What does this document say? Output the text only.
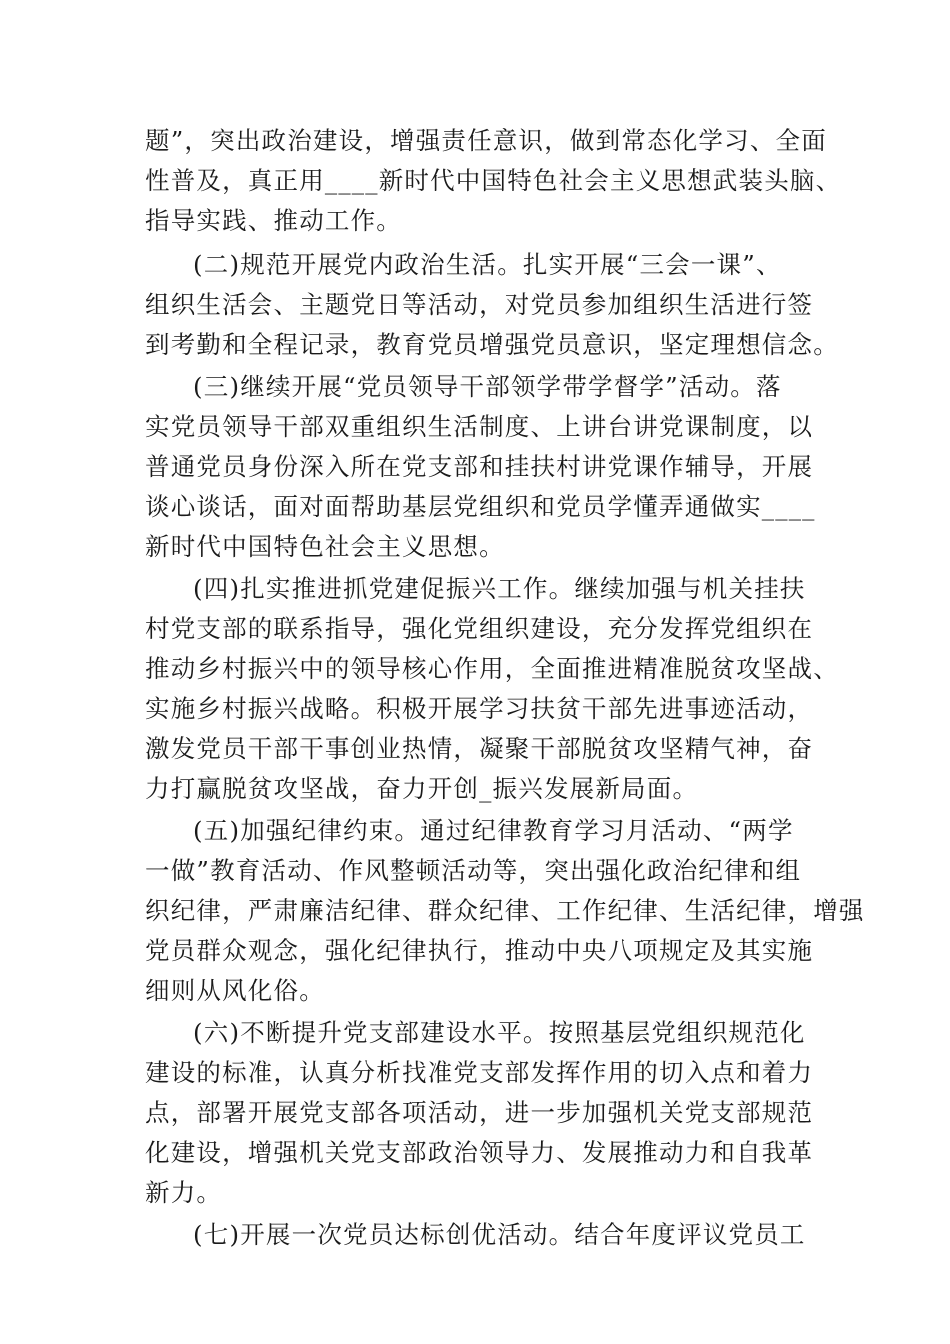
题”，突出政治建设，增强责任意识，做到常态化学习、全面
性普及，真正用____新时代中国特色社会主义思想武装头脑、
指导实践、推动工作。
(二)规范开展党内政治生活。扎实开展“三会一课”、
组织生活会、主题党日等活动，对党员参加组织生活进行签
到考勤和全程记录，教育党员增强党员意识，坚定理想信念。
(三)继续开展“党员领导干部领学带学督学”活动。落
实党员领导干部双重组织生活制度、上讲台讲党课制度，以
普通党员身份深入所在党支部和挂扶村讲党课作辅导，开展
谈心谈话，面对面帮助基层党组织和党员学懂弄通做实____
新时代中国特色社会主义思想。
(四)扎实推进抓党建促振兴工作。继续加强与机关挂扶
村党支部的联系指导，强化党组织建设，充分发挥党组织在
推动乡村振兴中的领导核心作用，全面推进精准脱贫攻坚战、
实施乡村振兴战略。积极开展学习扶贫干部先进事迹活动，
激发党员干部干事创业热情，凝聚干部脱贫攻坚精气神，奋
力打赢脱贫攻坚战，奋力开创_振兴发展新局面。
(五)加强纪律约束。通过纪律教育学习月活动、“两学
一做”教育活动、作风整顿活动等，突出强化政治纪律和组
织纪律，严肃廉洁纪律、群众纪律、工作纪律、生活纪律，增强
党员群众观念，强化纪律执行，推动中央八项规定及其实施
细则从风化俗。
(六)不断提升党支部建设水平。按照基层党组织规范化
建设的标准，认真分析找准党支部发挥作用的切入点和着力
点，部署开展党支部各项活动，进一步加强机关党支部规范
化建设，增强机关党支部政治领导力、发展推动力和自我革
新力。
(七)开展一次党员达标创优活动。结合年度评议党员工
